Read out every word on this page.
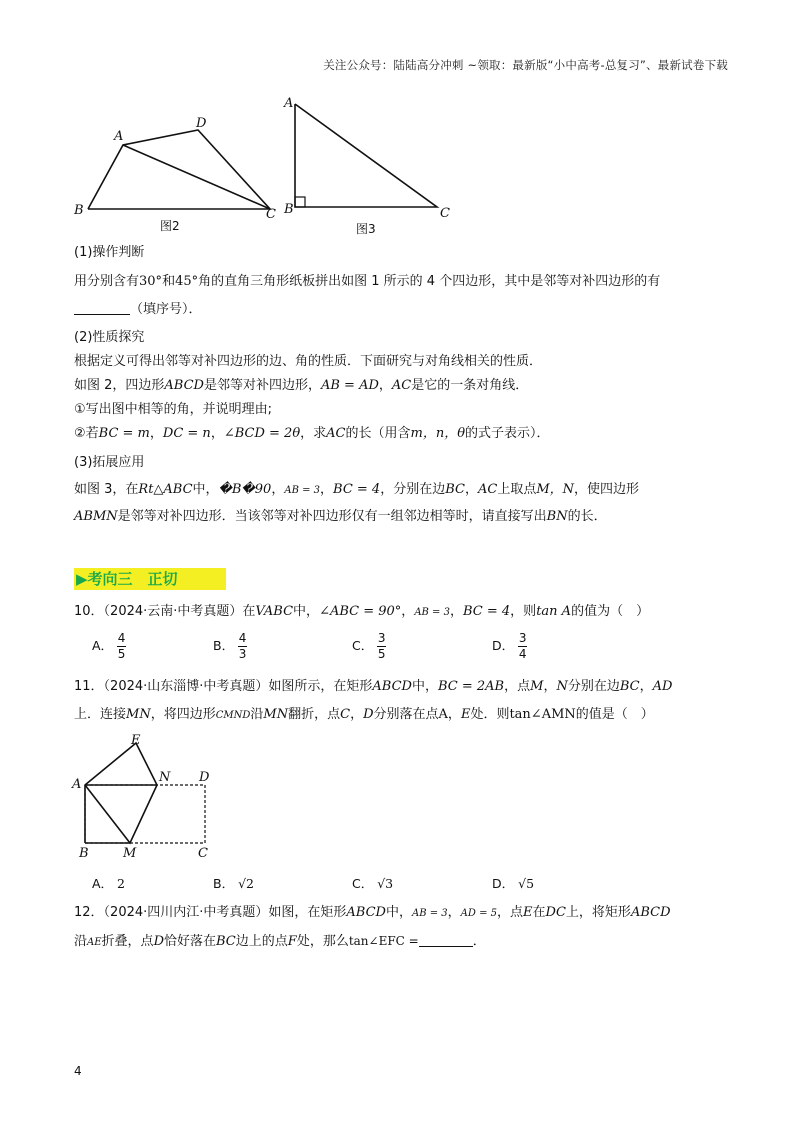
关注公众号：陆陆高分冲刺 ~领取：最新版“小中高考-总复习”、最新试卷下载
A
D
B	C
图2
A
B	C
图3
(1)操作判断
用分别含有30°和45°角的直角三角形纸板拼出如图 1 所示的 4 个四边形，其中是邻等对补四边形的有
（填序号）．
(2)性质探究
根据定义可得出邻等对补四边形的边、角的性质．下面研究与对角线相关的性质．
如图 2，四边形ABCD是邻等对补四边形，AB = AD，AC是它的一条对角线．
①写出图中相等的角，并说明理由;
②若BC = m，DC = n，∠BCD = 2θ，求AC的长（用含m，n，θ的式子表示）．
(3)拓展应用
如图 3，在Rt△ABC中，�B�90，AB = 3，BC = 4，分别在边BC，AC上取点M，N，使四边形
ABMN是邻等对补四边形．当该邻等对补四边形仅有一组邻边相等时，请直接写出BN的长．
▶考向三　正切
10．（2024·云南·中考真题）在VABC中，∠ABC = 90°，AB = 3，BC = 4，则tan A的值为（　）
A． $\frac{4}{5}$	B． $\frac{4}{3}$	C． $\frac{3}{5}$	D． $\frac{3}{4}$
11．（2024·山东淄博·中考真题）如图所示，在矩形ABCD中，BC = 2AB，点M，N分别在边BC，AD
上．连接MN，将四边形CMND沿MN翻折，点C，D分别落在点A，E处．则tan∠AMN的值是（　）
E
A	N D
B	M	C
A． 2	B． √2	C． √3	D． √5
12．（2024·四川内江·中考真题）如图，在矩形ABCD中，AB = 3，AD = 5，点E在DC上，将矩形ABCD
沿AE折叠，点D恰好落在BC边上的点F处，那么tan∠EFC =	．
4
